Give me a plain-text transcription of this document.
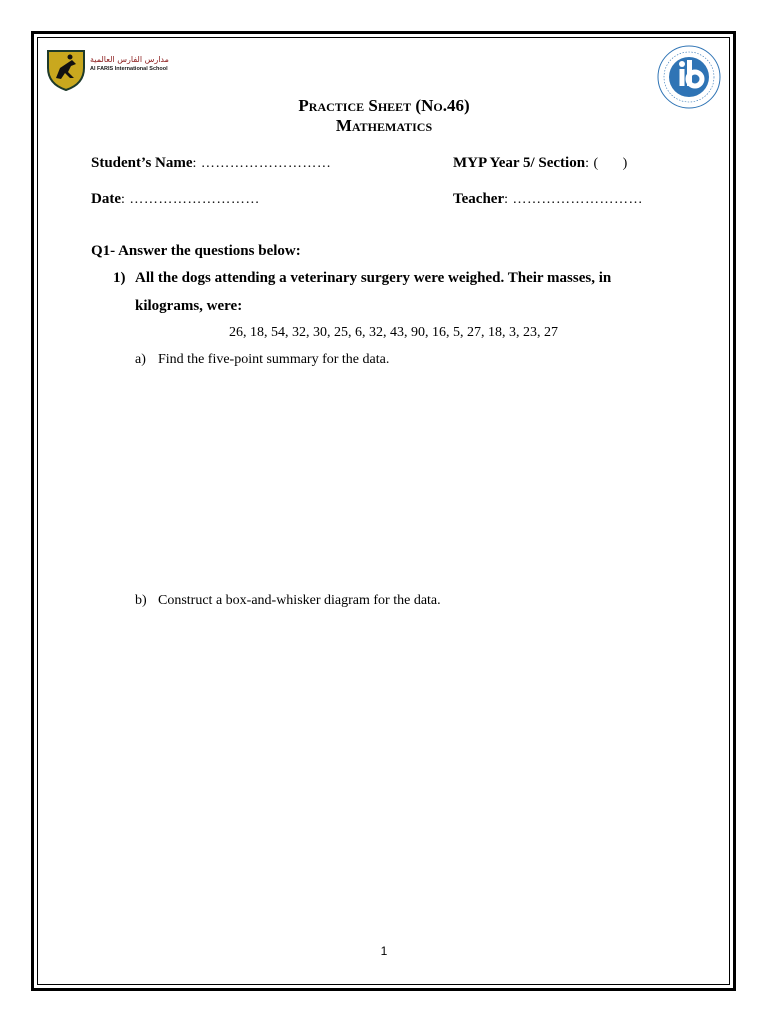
مدارس الفارس العالمية
Al FARIS International School
Practice Sheet (No.46)
Mathematics
Student’s Name: ………………………	MYP Year 5/ Section: (      )
Date: ………………………	Teacher: ………………………
Q1- Answer the questions below:
1) All the dogs attending a veterinary surgery were weighed. Their masses, in
kilograms, were:
26, 18, 54, 32, 30, 25, 6, 32, 43, 90, 16, 5, 27, 18, 3, 23, 27
a) Find the five-point summary for the data.
b) Construct a box-and-whisker diagram for the data.
1
